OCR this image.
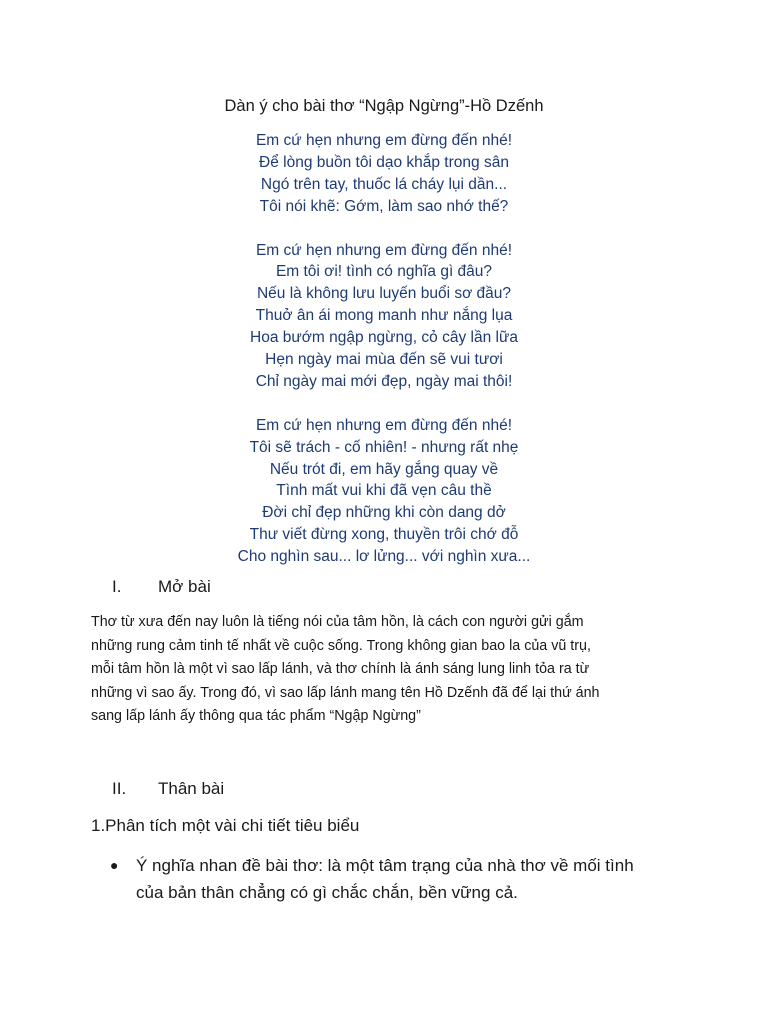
Dàn ý cho bài thơ “Ngập Ngừng”-Hồ Dzếnh
Em cứ hẹn nhưng em đừng đến nhé!
Để lòng buồn tôi dạo khắp trong sân
Ngó trên tay, thuốc lá cháy lụi dần...
Tôi nói khẽ: Gớm, làm sao nhớ thế?
Em cứ hẹn nhưng em đừng đến nhé!
Em tôi ơi! tình có nghĩa gì đâu?
Nếu là không lưu luyến buổi sơ đầu?
Thuở ân ái mong manh như nắng lụa
Hoa bướm ngập ngừng, cỏ cây lần lữa
Hẹn ngày mai mùa đến sẽ vui tươi
Chỉ ngày mai mới đẹp, ngày mai thôi!
Em cứ hẹn nhưng em đừng đến nhé!
Tôi sẽ trách - cố nhiên! - nhưng rất nhẹ
Nếu trót đi, em hãy gắng quay về
Tình mất vui khi đã vẹn câu thề
Đời chỉ đẹp những khi còn dang dở
Thư viết đừng xong, thuyền trôi chớ đỗ
Cho nghìn sau... lơ lửng... với nghìn xưa...
I. Mở bài
Thơ từ xưa đến nay luôn là tiếng nói của tâm hồn, là cách con người gửi gắm
những rung cảm tinh tế nhất về cuộc sống. Trong không gian bao la của vũ trụ,
mỗi tâm hồn là một vì sao lấp lánh, và thơ chính là ánh sáng lung linh tỏa ra từ
những vì sao ấy. Trong đó, vì sao lấp lánh mang tên Hồ Dzếnh đã để lại thứ ánh
sang lấp lánh ấy thông qua tác phẩm “Ngập Ngừng”
II. Thân bài
1.Phân tích một vài chi tiết tiêu biểu
● Ý nghĩa nhan đề bài thơ: là một tâm trạng của nhà thơ về mối tình
của bản thân chẳng có gì chắc chắn, bền vững cả.
